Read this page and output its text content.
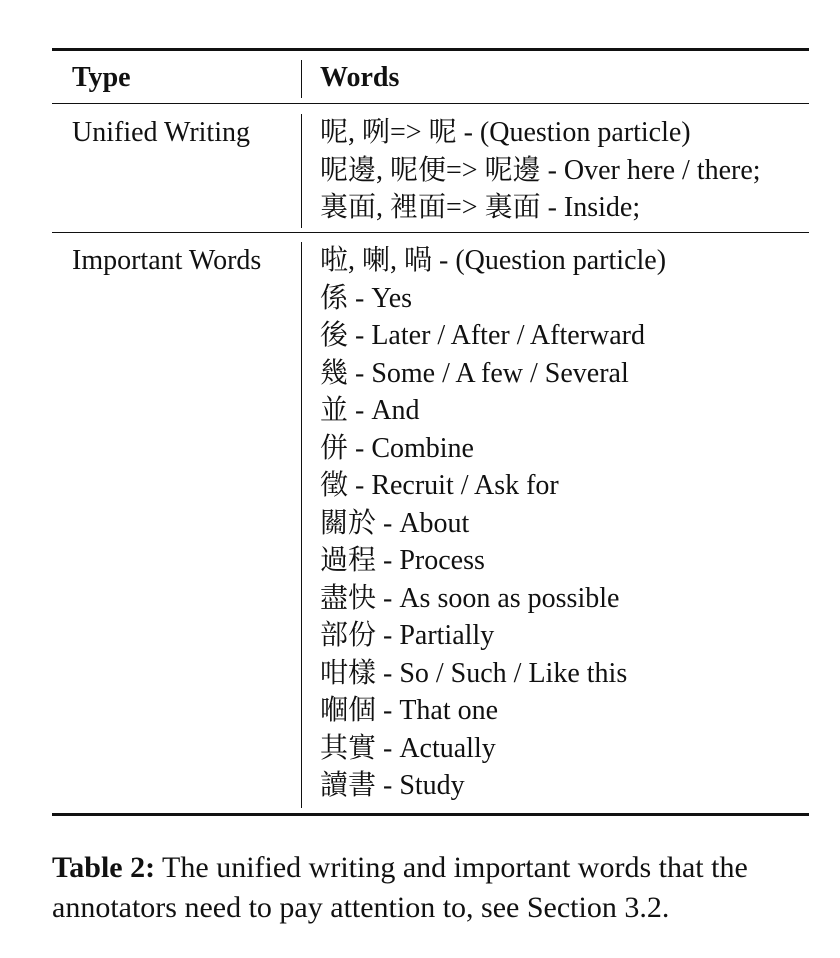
Type	Words
Unified Writing	呢, 咧=> 呢 - (Question particle)
呢邊, 呢便=> 呢邊 - Over here / there;
裏面, 裡面=> 裏面 - Inside;
Important Words 啦, 喇, 喎 - (Question particle)
係 - Yes
後 - Later / After / Afterward
幾 - Some / A few / Several
並 - And
併 - Combine
徵 - Recruit / Ask for
關於 - About
過程 - Process
盡快 - As soon as possible
部份 - Partially
咁樣 - So / Such / Like this
嗰個 - That one
其實 - Actually
讀書 - Study
Table 2: The unified writing and important words that the annotators need to pay attention to, see Section 3.2.
